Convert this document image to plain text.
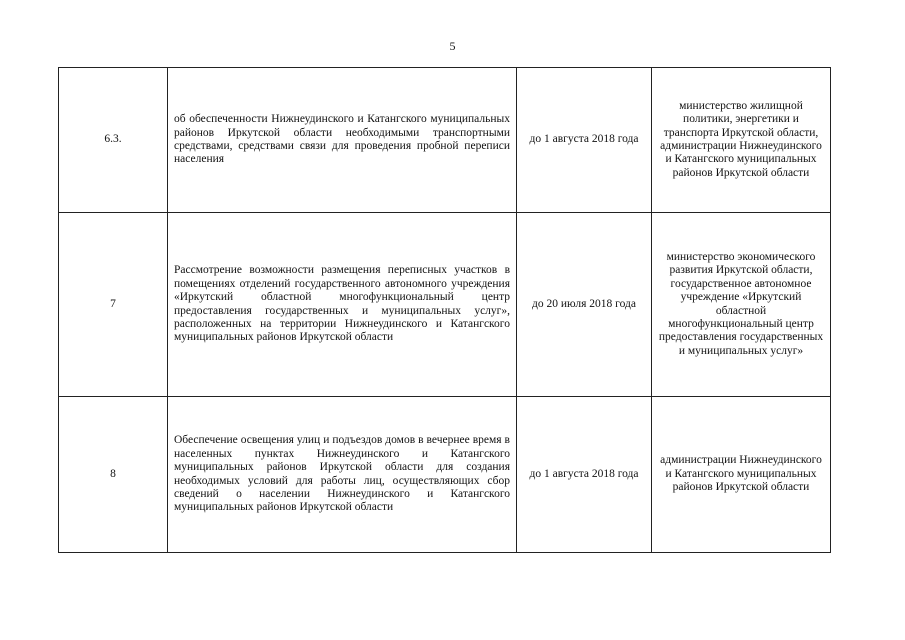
5
6.3.	об обеспеченности Нижнеудинского и Катангского муниципальных районов Иркутской области необходимыми транспортными средствами, средствами связи для проведения пробной переписи населения	до 1 августа 2018 года	министерство жилищной политики, энергетики и транспорта Иркутской области, администрации Нижнеудинского и Катангского муниципальных районов Иркутской области
7	Рассмотрение возможности размещения переписных участков в помещениях отделений государственного автономного учреждения «Иркутский областной многофункциональный центр предоставления государственных и муниципальных услуг», расположенных на территории Нижнеудинского и Катангского муниципальных районов Иркутской области	до 20 июля 2018 года	министерство экономического развития Иркутской области, государственное автономное учреждение «Иркутский областной многофункциональный центр предоставления государственных и муниципальных услуг»
8	Обеспечение освещения улиц и подъездов домов в вечернее время в населенных пунктах Нижнеудинского и Катангского муниципальных районов Иркутской области для создания необходимых условий для работы лиц, осуществляющих сбор сведений о населении Нижнеудинского и Катангского муниципальных районов Иркутской области	до 1 августа 2018 года	администрации Нижнеудинского и Катангского муниципальных районов Иркутской области
